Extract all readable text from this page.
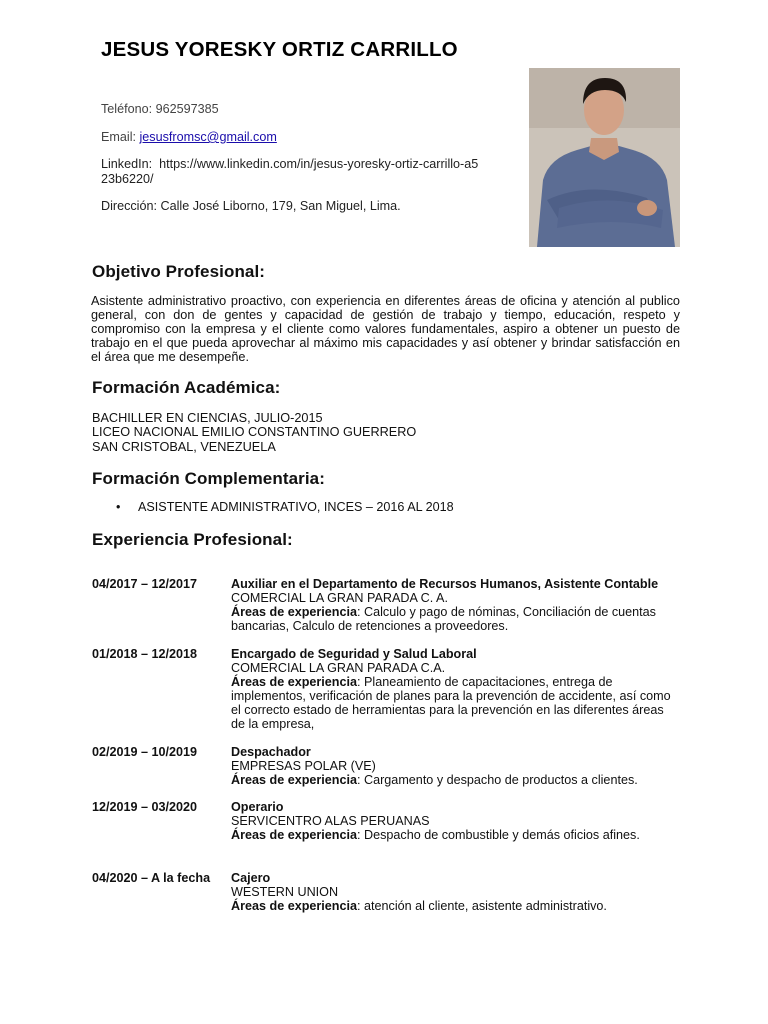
JESUS YORESKY ORTIZ CARRILLO
Teléfono: 962597385
Email: jesusfromsc@gmail.com
LinkedIn: https://www.linkedin.com/in/jesus-yoresky-ortiz-carrillo-a523b6220/
Dirección: Calle José Liborno, 179, San Miguel, Lima.
Objetivo Profesional:
Asistente administrativo proactivo, con experiencia en diferentes áreas de oficina y atención al publico general, con don de gentes y capacidad de gestión de trabajo y tiempo, educación, respeto y compromiso con la empresa y el cliente como valores fundamentales, aspiro a obtener un puesto de trabajo en el que pueda aprovechar al máximo mis capacidades y así obtener y brindar satisfacción en el área que me desempeñe.
Formación Académica:
BACHILLER EN CIENCIAS, JULIO-2015
LICEO NACIONAL EMILIO CONSTANTINO GUERRERO
SAN CRISTOBAL, VENEZUELA
Formación Complementaria:
• ASISTENTE ADMINISTRATIVO, INCES – 2016 AL 2018
Experiencia Profesional:
04/2017 – 12/2017	Auxiliar en el Departamento de Recursos Humanos, Asistente Contable
COMERCIAL LA GRAN PARADA C. A.
Áreas de experiencia: Calculo y pago de nóminas, Conciliación de cuentas bancarias, Calculo de retenciones a proveedores.
01/2018 – 12/2018	Encargado de Seguridad y Salud Laboral
COMERCIAL LA GRAN PARADA C.A.
Áreas de experiencia: Planeamiento de capacitaciones, entrega de implementos, verificación de planes para la prevención de accidente, así como el correcto estado de herramientas para la prevención en las diferentes áreas de la empresa,
02/2019 – 10/2019	Despachador
EMPRESAS POLAR (VE)
Áreas de experiencia: Cargamento y despacho de productos a clientes.
12/2019 – 03/2020	Operario
SERVICENTRO ALAS PERUANAS
Áreas de experiencia: Despacho de combustible y demás oficios afines.
04/2020 – A la fecha	Cajero
WESTERN UNION
Áreas de experiencia: atención al cliente, asistente administrativo.
